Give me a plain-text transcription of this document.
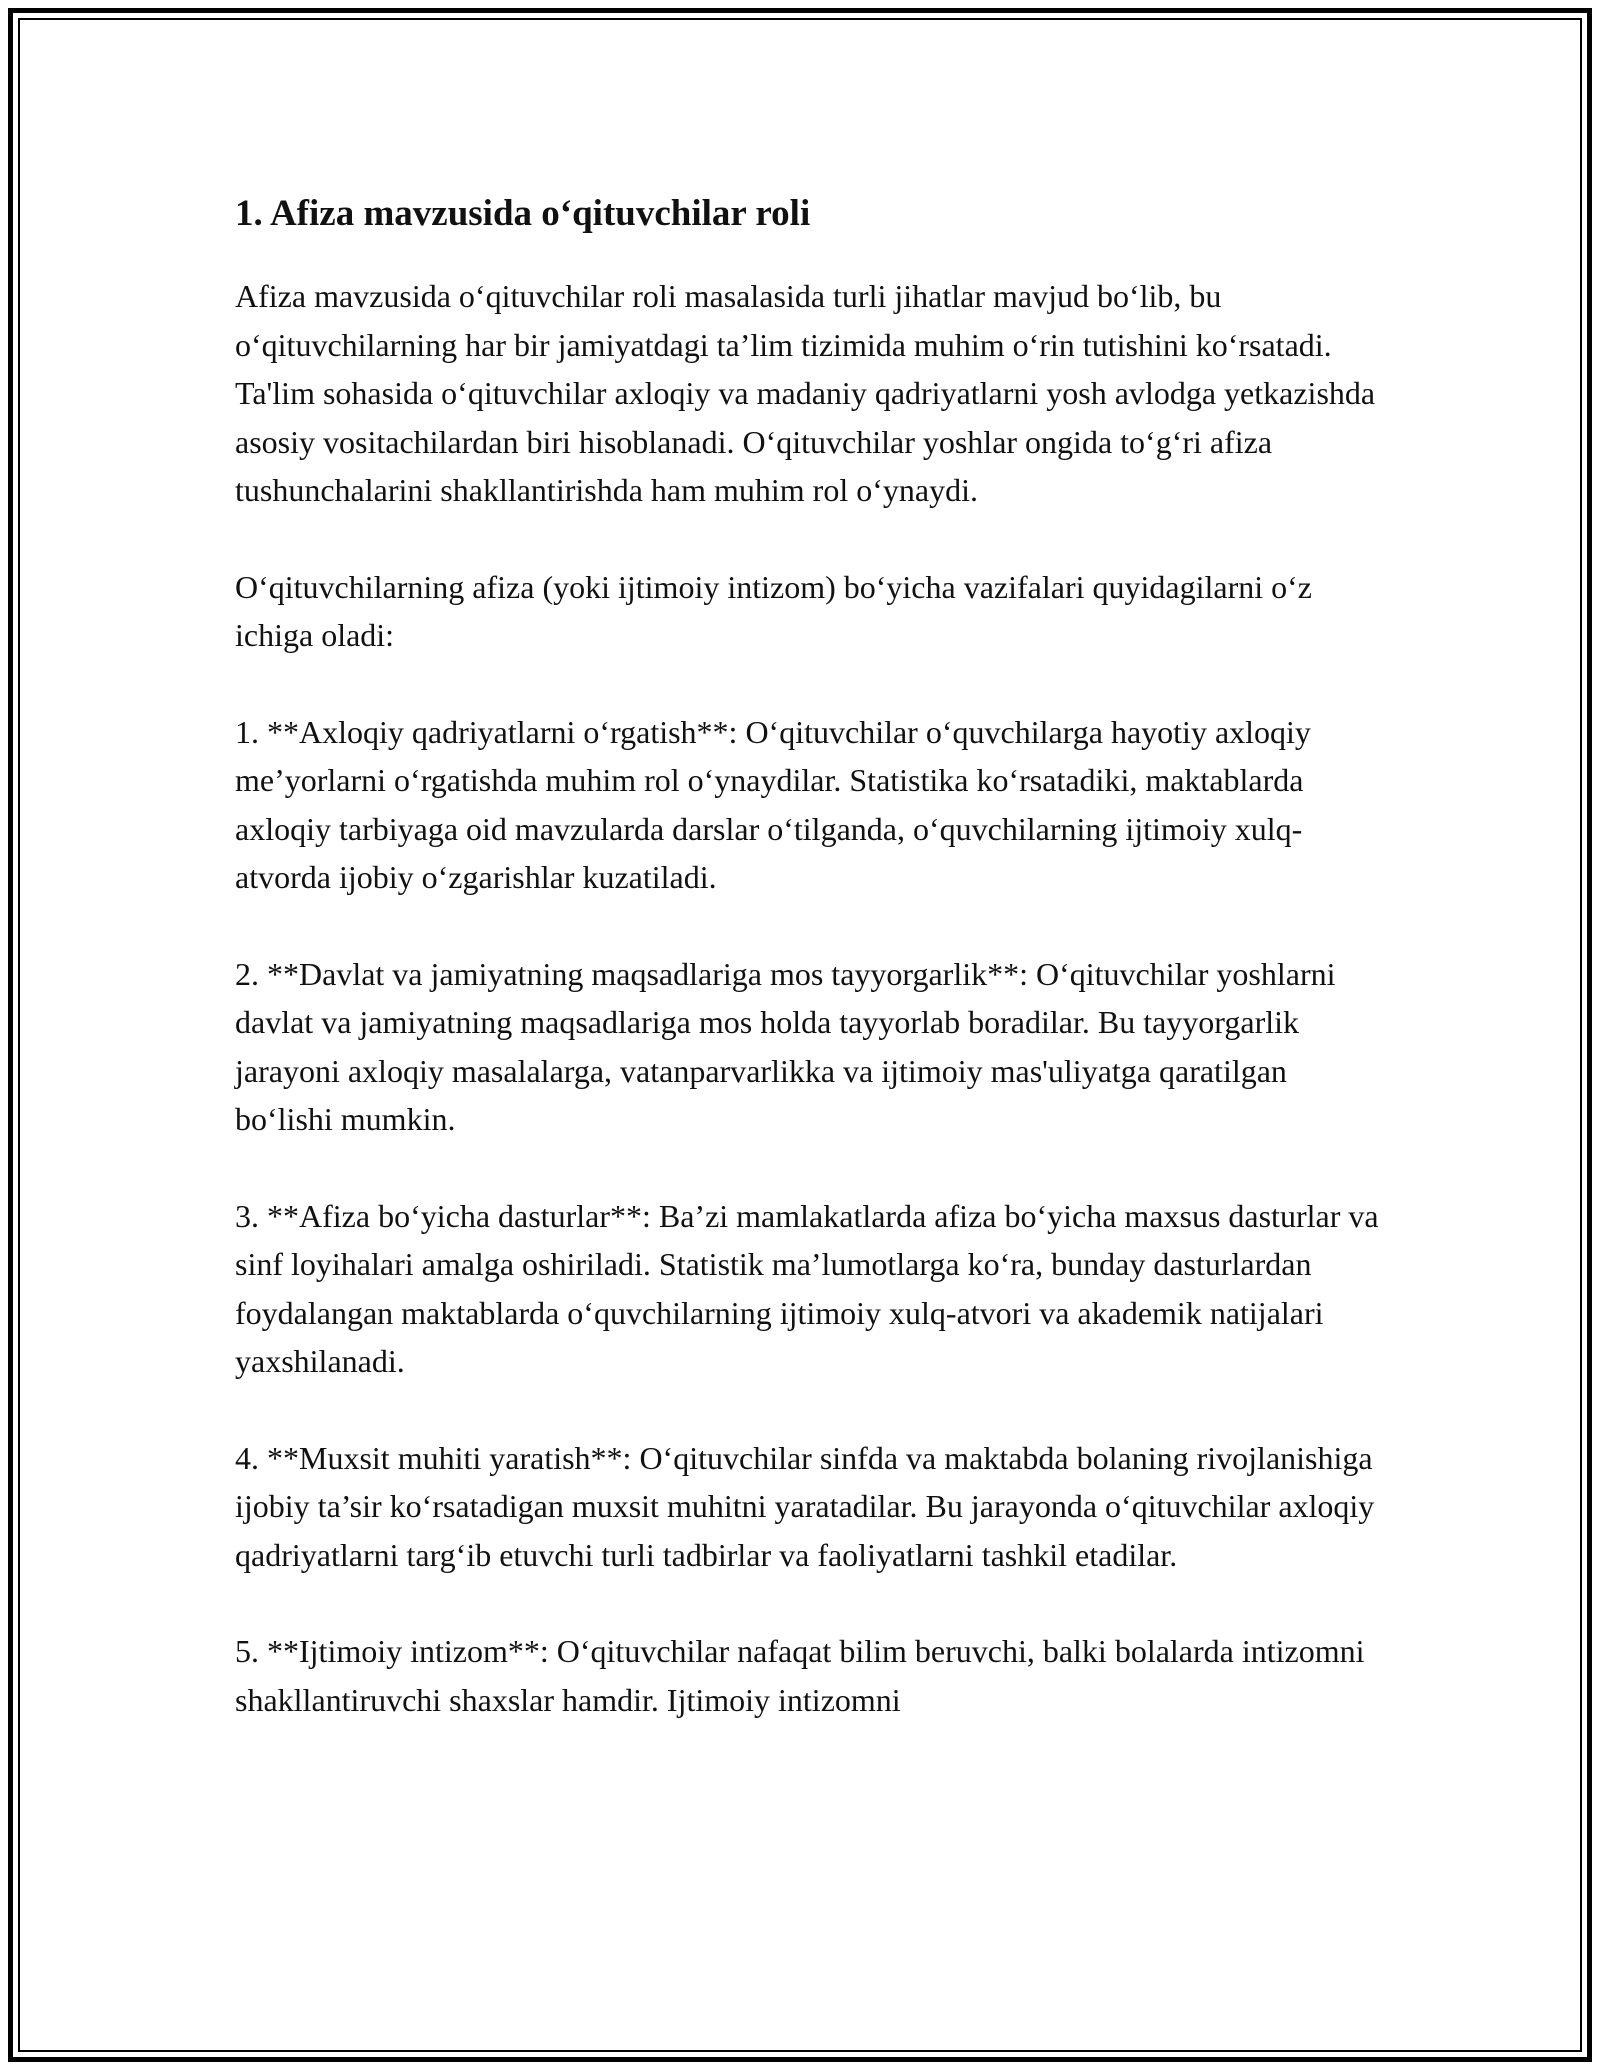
1. Afiza mavzusida o‘qituvchilar roli

Afiza mavzusida o‘qituvchilar roli masalasida turli jihatlar mavjud bo‘lib, bu o‘qituvchilarning har bir jamiyatdagi ta’lim tizimida muhim o‘rin tutishini ko‘rsatadi. Ta'lim sohasida o‘qituvchilar axloqiy va madaniy qadriyatlarni yosh avlodga yetkazishda asosiy vositachilardan biri hisoblanadi. O‘qituvchilar yoshlar ongida to‘g‘ri afiza tushunchalarini shakllantirishda ham muhim rol o‘ynaydi.

O‘qituvchilarning afiza (yoki ijtimoiy intizom) bo‘yicha vazifalari quyidagilarni o‘z ichiga oladi:

1. **Axloqiy qadriyatlarni o‘rgatish**: O‘qituvchilar o‘quvchilarga hayotiy axloqiy me’yorlarni o‘rgatishda muhim rol o‘ynaydilar. Statistika ko‘rsatadiki, maktablarda axloqiy tarbiyaga oid mavzularda darslar o‘tilganda, o‘quvchilarning ijtimoiy xulq-atvorda ijobiy o‘zgarishlar kuzatiladi.

2. **Davlat va jamiyatning maqsadlariga mos tayyorgarlik**: O‘qituvchilar yoshlarni davlat va jamiyatning maqsadlariga mos holda tayyorlab boradilar. Bu tayyorgarlik jarayoni axloqiy masalalarga, vatanparvarlikka va ijtimoiy mas'uliyatga qaratilgan bo‘lishi mumkin.

3. **Afiza bo‘yicha dasturlar**: Ba’zi mamlakatlarda afiza bo‘yicha maxsus dasturlar va sinf loyihalari amalga oshiriladi. Statistik ma’lumotlarga ko‘ra, bunday dasturlardan foydalangan maktablarda o‘quvchilarning ijtimoiy xulq-atvori va akademik natijalari yaxshilanadi.

4. **Muxsit muhiti yaratish**: O‘qituvchilar sinfda va maktabda bolaning rivojlanishiga ijobiy ta’sir ko‘rsatadigan muxsit muhitni yaratadilar. Bu jarayonda o‘qituvchilar axloqiy qadriyatlarni targ‘ib etuvchi turli tadbirlar va faoliyatlarni tashkil etadilar.

5. **Ijtimoiy intizom**: O‘qituvchilar nafaqat bilim beruvchi, balki bolalarda intizomni shakllantiruvchi shaxslar hamdir. Ijtimoiy intizomni
